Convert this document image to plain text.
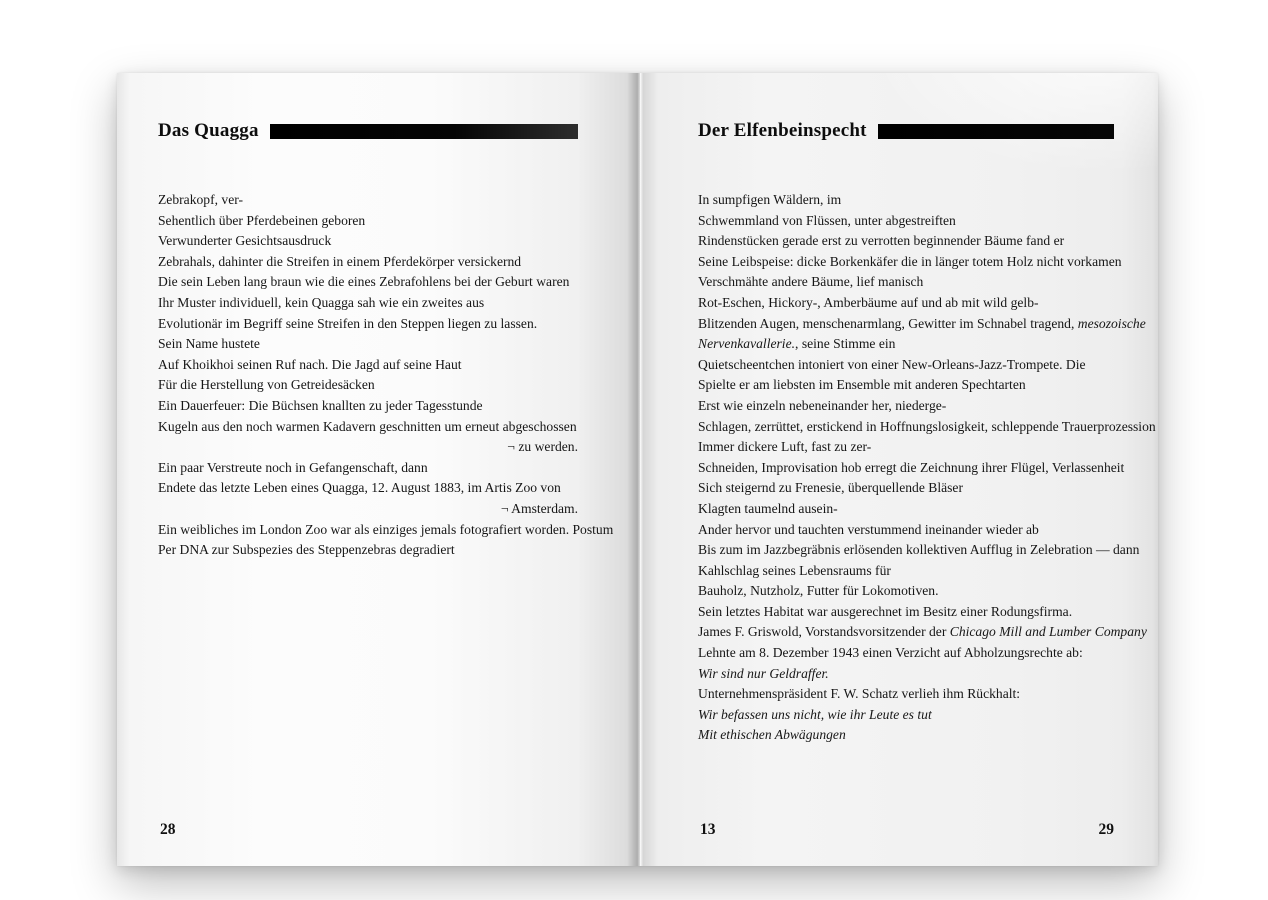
Das Quagga
Zebrakopf, ver-
Sehentlich über Pferdebeinen geboren
Verwunderter Gesichtsausdruck
Zebrahals, dahinter die Streifen in einem Pferdekörper versickernd
Die sein Leben lang braun wie die eines Zebrafohlens bei der Geburt waren
Ihr Muster individuell, kein Quagga sah wie ein zweites aus
Evolutionär im Begriff seine Streifen in den Steppen liegen zu lassen.
Sein Name hustete
Auf Khoikhoi seinen Ruf nach. Die Jagd auf seine Haut
Für die Herstellung von Getreidesäcken
Ein Dauerfeuer: Die Büchsen knallten zu jeder Tagesstunde
Kugeln aus den noch warmen Kadavern geschnitten um erneut abgeschossen
¬ zu werden.
Ein paar Verstreute noch in Gefangenschaft, dann
Endete das letzte Leben eines Quagga, 12. August 1883, im Artis Zoo von
¬ Amsterdam.
Ein weibliches im London Zoo war als einziges jemals fotografiert worden. Postum
Per DNA zur Subspezies des Steppenzebras degradiert
28
Der Elfenbeinspecht
In sumpfigen Wäldern, im
Schwemmland von Flüssen, unter abgestreiften
Rindenstücken gerade erst zu verrotten beginnender Bäume fand er
Seine Leibspeise: dicke Borkenkäfer die in länger totem Holz nicht vorkamen
Verschmähte andere Bäume, lief manisch
Rot-Eschen, Hickory-, Amberbäume auf und ab mit wild gelb-
Blitzenden Augen, menschenarmlang, Gewitter im Schnabel tragend, mesozoische
Nervenkavallerie., seine Stimme ein
Quietscheentchen intoniert von einer New-Orleans-Jazz-Trompete. Die
Spielte er am liebsten im Ensemble mit anderen Spechtarten
Erst wie einzeln nebeneinander her, niederge-
Schlagen, zerrüttet, erstickend in Hoffnungslosigkeit, schleppende Trauerprozession
Immer dickere Luft, fast zu zer-
Schneiden, Improvisation hob erregt die Zeichnung ihrer Flügel, Verlassenheit
Sich steigernd zu Frenesie, überquellende Bläser
Klagten taumelnd ausein-
Ander hervor und tauchten verstummend ineinander wieder ab
Bis zum im Jazzbegräbnis erlösenden kollektiven Aufflug in Zelebration — dann
Kahlschlag seines Lebensraums für
Bauholz, Nutzholz, Futter für Lokomotiven.
Sein letztes Habitat war ausgerechnet im Besitz einer Rodungsfirma.
James F. Griswold, Vorstandsvorsitzender der Chicago Mill and Lumber Company
Lehnte am 8. Dezember 1943 einen Verzicht auf Abholzungsrechte ab:
Wir sind nur Geldraffer.
Unternehmenspräsident F. W. Schatz verlieh ihm Rückhalt:
Wir befassen uns nicht, wie ihr Leute es tut
Mit ethischen Abwägungen
13	29
